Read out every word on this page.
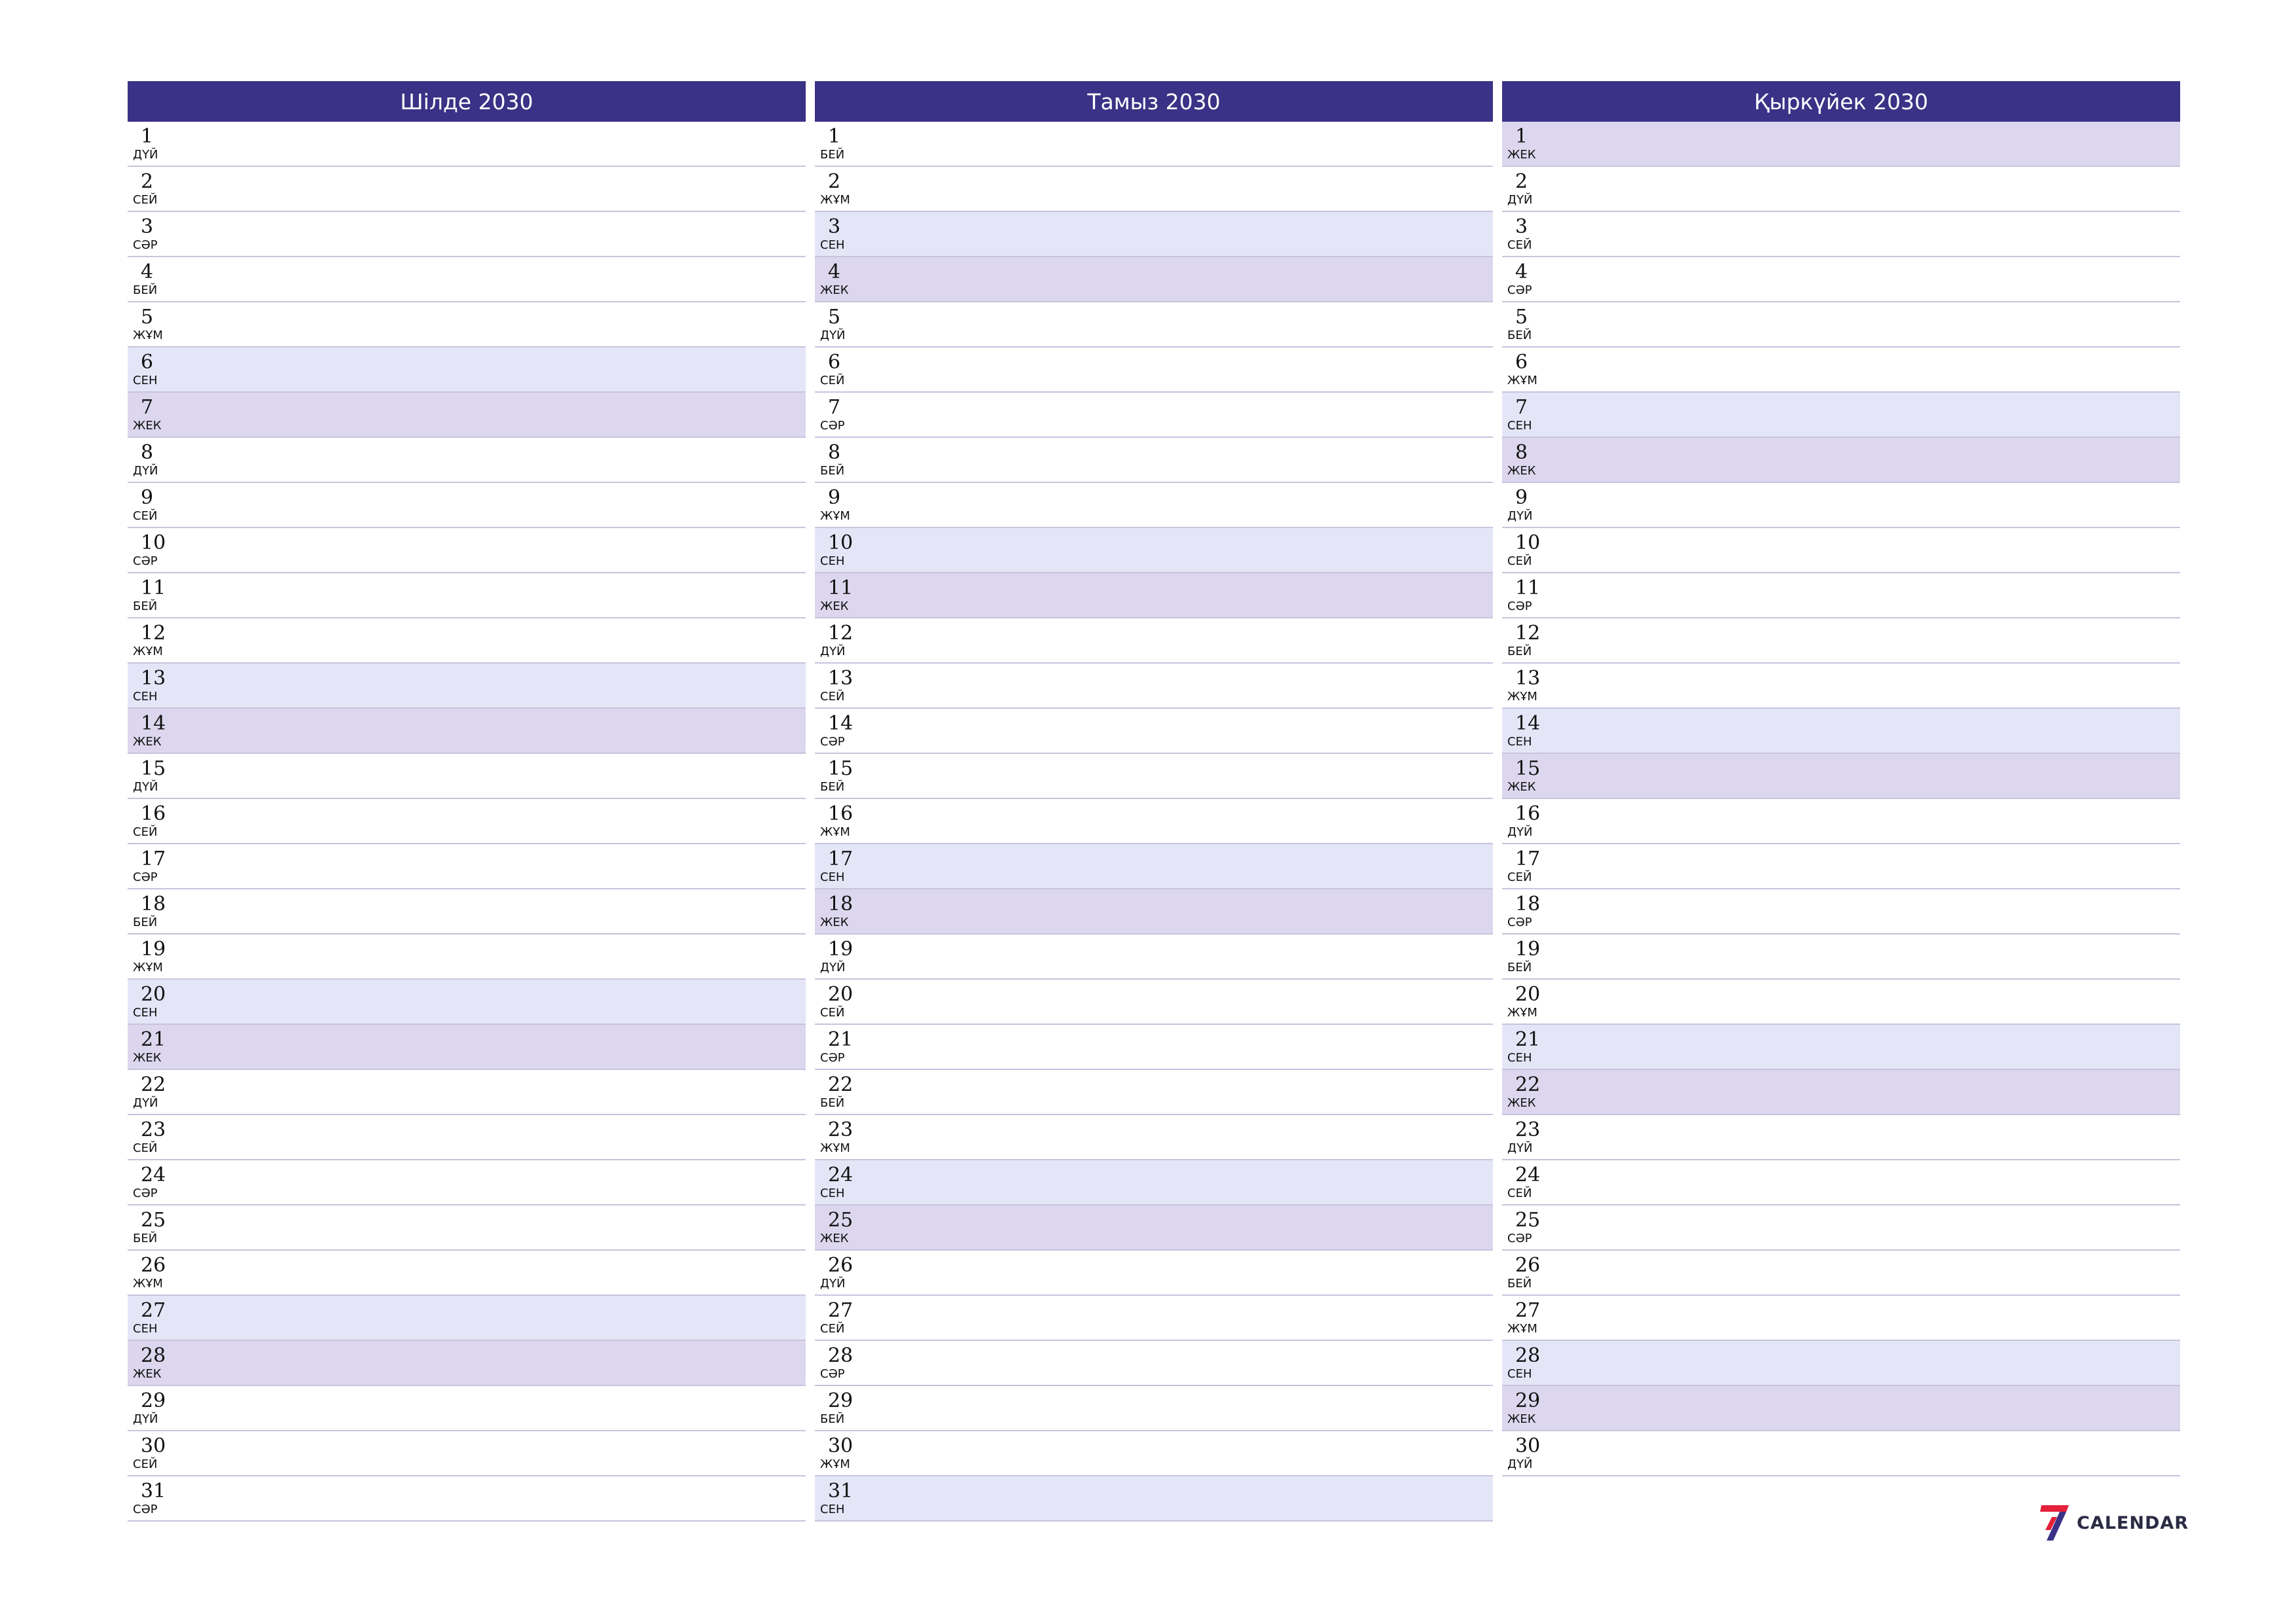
Шілде 2030
1
ДҮЙ
2
СЕЙ
3
СӘР
4
БЕЙ
5
ЖҰМ
6
СЕН
7
ЖЕК
8
ДҮЙ
9
СЕЙ
10
СӘР
11
БЕЙ
12
ЖҰМ
13
СЕН
14
ЖЕК
15
ДҮЙ
16
СЕЙ
17
СӘР
18
БЕЙ
19
ЖҰМ
20
СЕН
21
ЖЕК
22
ДҮЙ
23
СЕЙ
24
СӘР
25
БЕЙ
26
ЖҰМ
27
СЕН
28
ЖЕК
29
ДҮЙ
30
СЕЙ
31
СӘР
Тамыз 2030
1
БЕЙ
2
ЖҰМ
3
СЕН
4
ЖЕК
5
ДҮЙ
6
СЕЙ
7
СӘР
8
БЕЙ
9
ЖҰМ
10
СЕН
11
ЖЕК
12
ДҮЙ
13
СЕЙ
14
СӘР
15
БЕЙ
16
ЖҰМ
17
СЕН
18
ЖЕК
19
ДҮЙ
20
СЕЙ
21
СӘР
22
БЕЙ
23
ЖҰМ
24
СЕН
25
ЖЕК
26
ДҮЙ
27
СЕЙ
28
СӘР
29
БЕЙ
30
ЖҰМ
31
СЕН
Қыркүйек 2030
1
ЖЕК
2
ДҮЙ
3
СЕЙ
4
СӘР
5
БЕЙ
6
ЖҰМ
7
СЕН
8
ЖЕК
9
ДҮЙ
10
СЕЙ
11
СӘР
12
БЕЙ
13
ЖҰМ
14
СЕН
15
ЖЕК
16
ДҮЙ
17
СЕЙ
18
СӘР
19
БЕЙ
20
ЖҰМ
21
СЕН
22
ЖЕК
23
ДҮЙ
24
СЕЙ
25
СӘР
26
БЕЙ
27
ЖҰМ
28
СЕН
29
ЖЕК
30
ДҮЙ
CALENDAR
